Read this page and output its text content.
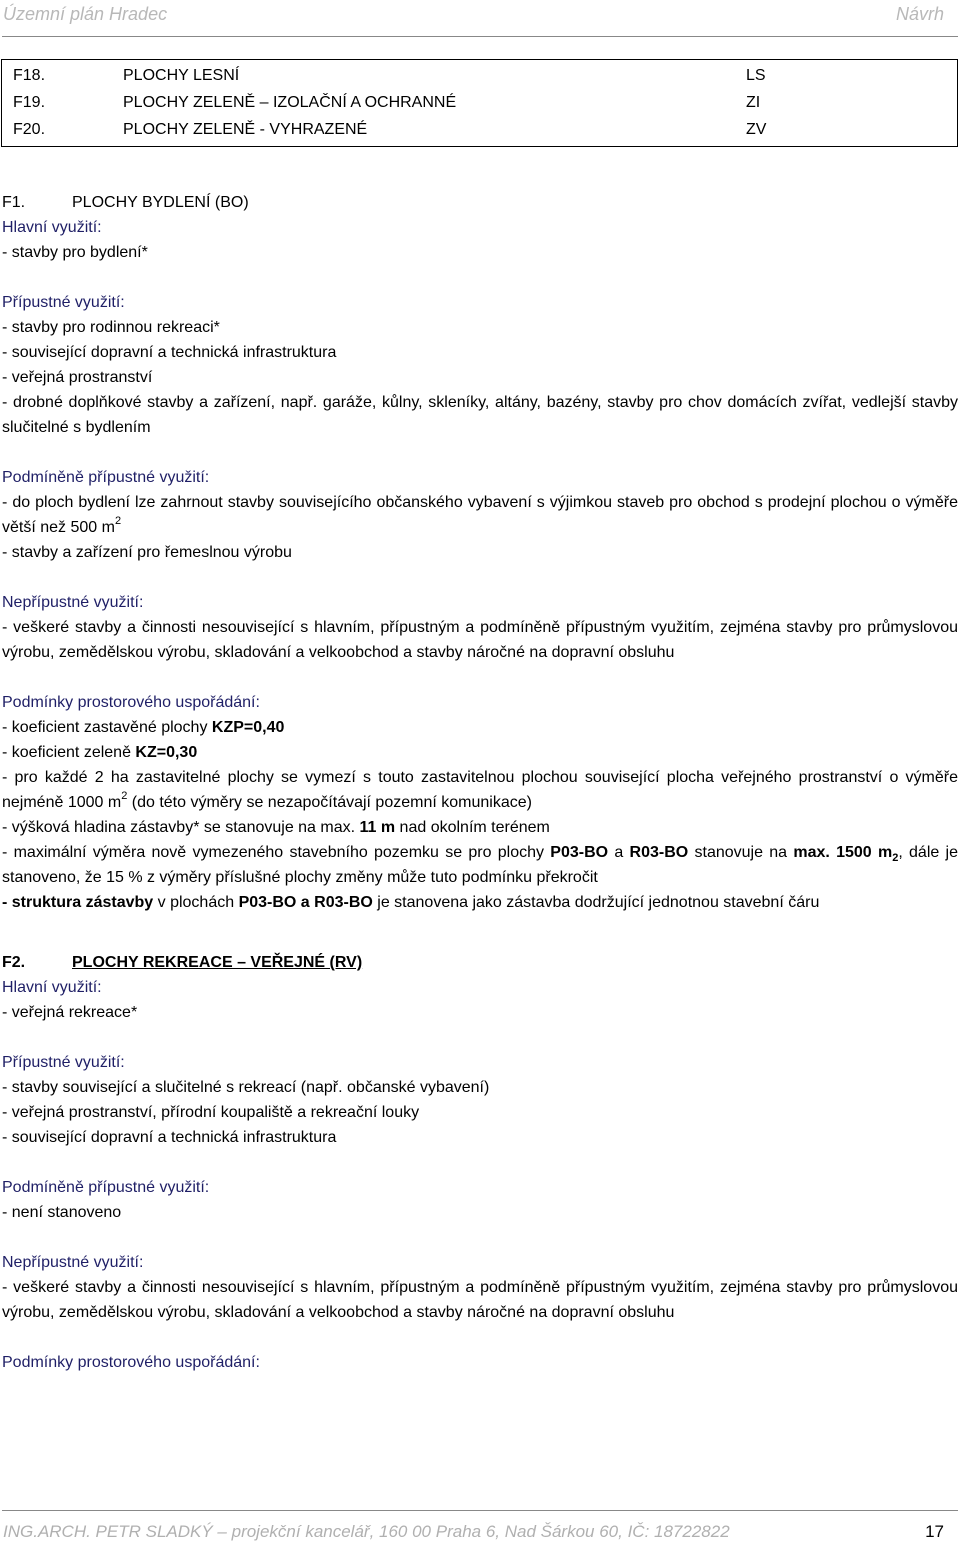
Územní plán Hradec	Návrh
F18.	PLOCHY LESNÍ	LS
F19.	PLOCHY ZELENĚ – IZOLAČNÍ A OCHRANNÉ	ZI
F20.	PLOCHY ZELENĚ - VYHRAZENÉ	ZV
F1.	PLOCHY BYDLENÍ (BO)
Hlavní využití:
- stavby pro bydlení*
Přípustné využití:
- stavby pro rodinnou rekreaci*
- související dopravní a technická infrastruktura
- veřejná prostranství
- drobné doplňkové stavby a zařízení, např. garáže, kůlny, skleníky, altány, bazény, stavby pro chov domácích zvířat, vedlejší stavby slučitelné s bydlením
Podmíněně přípustné využití:
- do ploch bydlení lze zahrnout stavby souvisejícího občanského vybavení s výjimkou staveb pro obchod s prodejní plochou o výměře větší než 500 $m^2$
- stavby a zařízení pro řemeslnou výrobu
Nepřípustné využití:
- veškeré stavby a činnosti nesouvisející s hlavním, přípustným a podmíněně přípustným využitím, zejména stavby pro průmyslovou výrobu, zemědělskou výrobu, skladování a velkoobchod a stavby náročné na dopravní obsluhu
Podmínky prostorového uspořádání:
- koeficient zastavěné plochy KZP=0,40
- koeficient zeleně KZ=0,30
- pro každé 2 ha zastavitelné plochy se vymezí s touto zastavitelnou plochou související plocha veřejného prostranství o výměře nejméně 1000 $m^2$ (do této výměry se nezapočítávají pozemní komunikace)
- výšková hladina zástavby* se stanovuje na max. 11 m nad okolním terénem
- maximální výměra nově vymezeného stavebního pozemku se pro plochy P03-BO a R03-BO stanovuje na max. 1500 $m_2$, dále je stanoveno, že 15 % z výměry příslušné plochy změny může tuto podmínku překročit
- struktura zástavby v plochách P03-BO a R03-BO je stanovena jako zástavba dodržující jednotnou stavební čáru
F2.	PLOCHY REKREACE – VEŘEJNÉ (RV)
Hlavní využití:
- veřejná rekreace*
Přípustné využití:
- stavby související a slučitelné s rekreací (např. občanské vybavení)
- veřejná prostranství, přírodní koupaliště a rekreační louky
- související dopravní a technická infrastruktura
Podmíněně přípustné využití:
- není stanoveno
Nepřípustné využití:
- veškeré stavby a činnosti nesouvisející s hlavním, přípustným a podmíněně přípustným využitím, zejména stavby pro průmyslovou výrobu, zemědělskou výrobu, skladování a velkoobchod a stavby náročné na dopravní obsluhu
Podmínky prostorového uspořádání:
ING.ARCH. PETR SLADKÝ – projekční kancelář, 160 00 Praha 6, Nad Šárkou 60, IČ: 18722822	17
